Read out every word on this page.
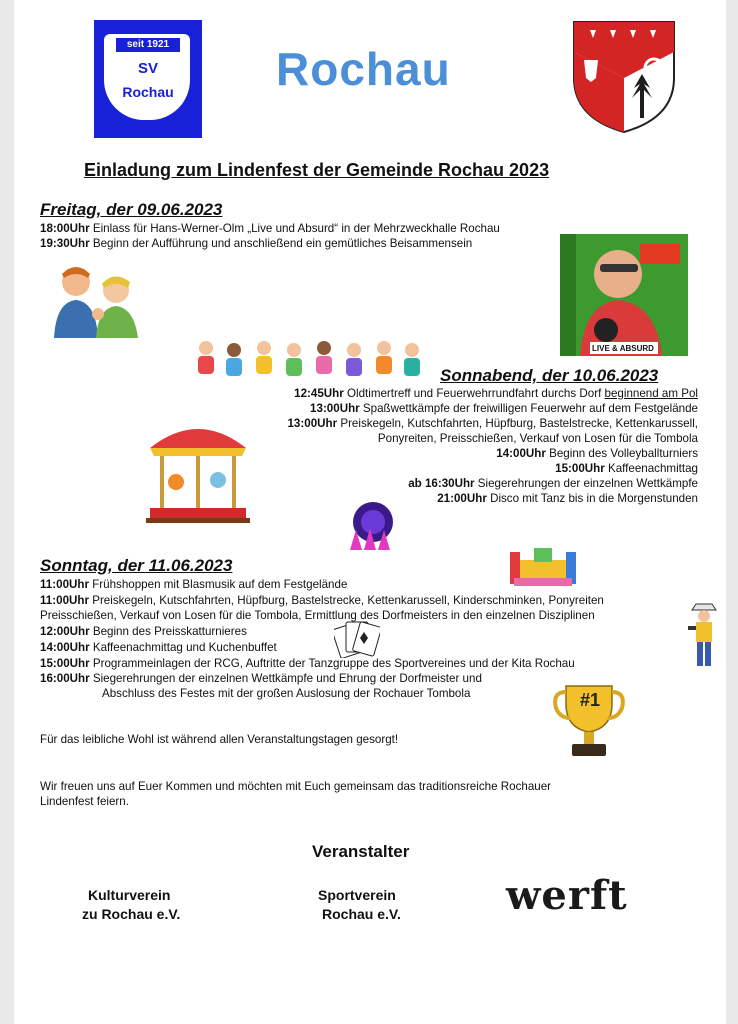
seit 1921
SV
Rochau	Rochau
Einladung zum Lindenfest der Gemeinde Rochau 2023
Freitag, der 09.06.2023
18:00Uhr Einlass für Hans-Werner-Olm „Live und Absurd“ in der Mehrzweckhalle Rochau
19:30Uhr Beginn der Aufführung und anschließend ein gemütliches Beisammensein
LIVE & ABSURD
Sonnabend, der 10.06.2023
12:45Uhr Oldtimertreff und Feuerwehrrundfahrt durchs Dorf beginnend am Pol
13:00Uhr Spaßwettkämpfe der freiwilligen Feuerwehr auf dem Festgelände
13:00Uhr Preiskegeln, Kutschfahrten, Hüpfburg, Bastelstrecke, Kettenkarussell,
Ponyreiten, Preisschießen, Verkauf von Losen für die Tombola
14:00Uhr Beginn des Volleyballturniers
15:00Uhr Kaffeenachmittag
ab 16:30Uhr Siegerehrungen der einzelnen Wettkämpfe
21:00Uhr Disco mit Tanz bis in die Morgenstunden
Sonntag, der 11.06.2023
11:00Uhr Frühshoppen mit Blasmusik auf dem Festgelände
11:00Uhr Preiskegeln, Kutschfahrten, Hüpfburg, Bastelstrecke, Kettenkarussell, Kinderschminken, Ponyreiten
Preisschießen, Verkauf von Losen für die Tombola, Ermittlung des Dorfmeisters in den einzelnen Disziplinen
12:00Uhr Beginn des Preisskatturnieres
14:00Uhr Kaffeenachmittag und Kuchenbuffet
15:00Uhr Programmeinlagen der RCG, Auftritte der Tanzgruppe des Sportvereines und der Kita Rochau
16:00Uhr Siegerehrungen der einzelnen Wettkämpfe und Ehrung der Dorfmeister und
Abschluss des Festes mit der großen Auslosung der Rochauer Tombola	#1
Für das leibliche Wohl ist während allen Veranstaltungstagen gesorgt!
Wir freuen uns auf Euer Kommen und möchten mit Euch gemeinsam das traditionsreiche Rochauer
Lindenfest feiern.
Veranstalter
Kulturverein
zu Rochau e.V.
Sportverein
Rochau e.V.	werft
